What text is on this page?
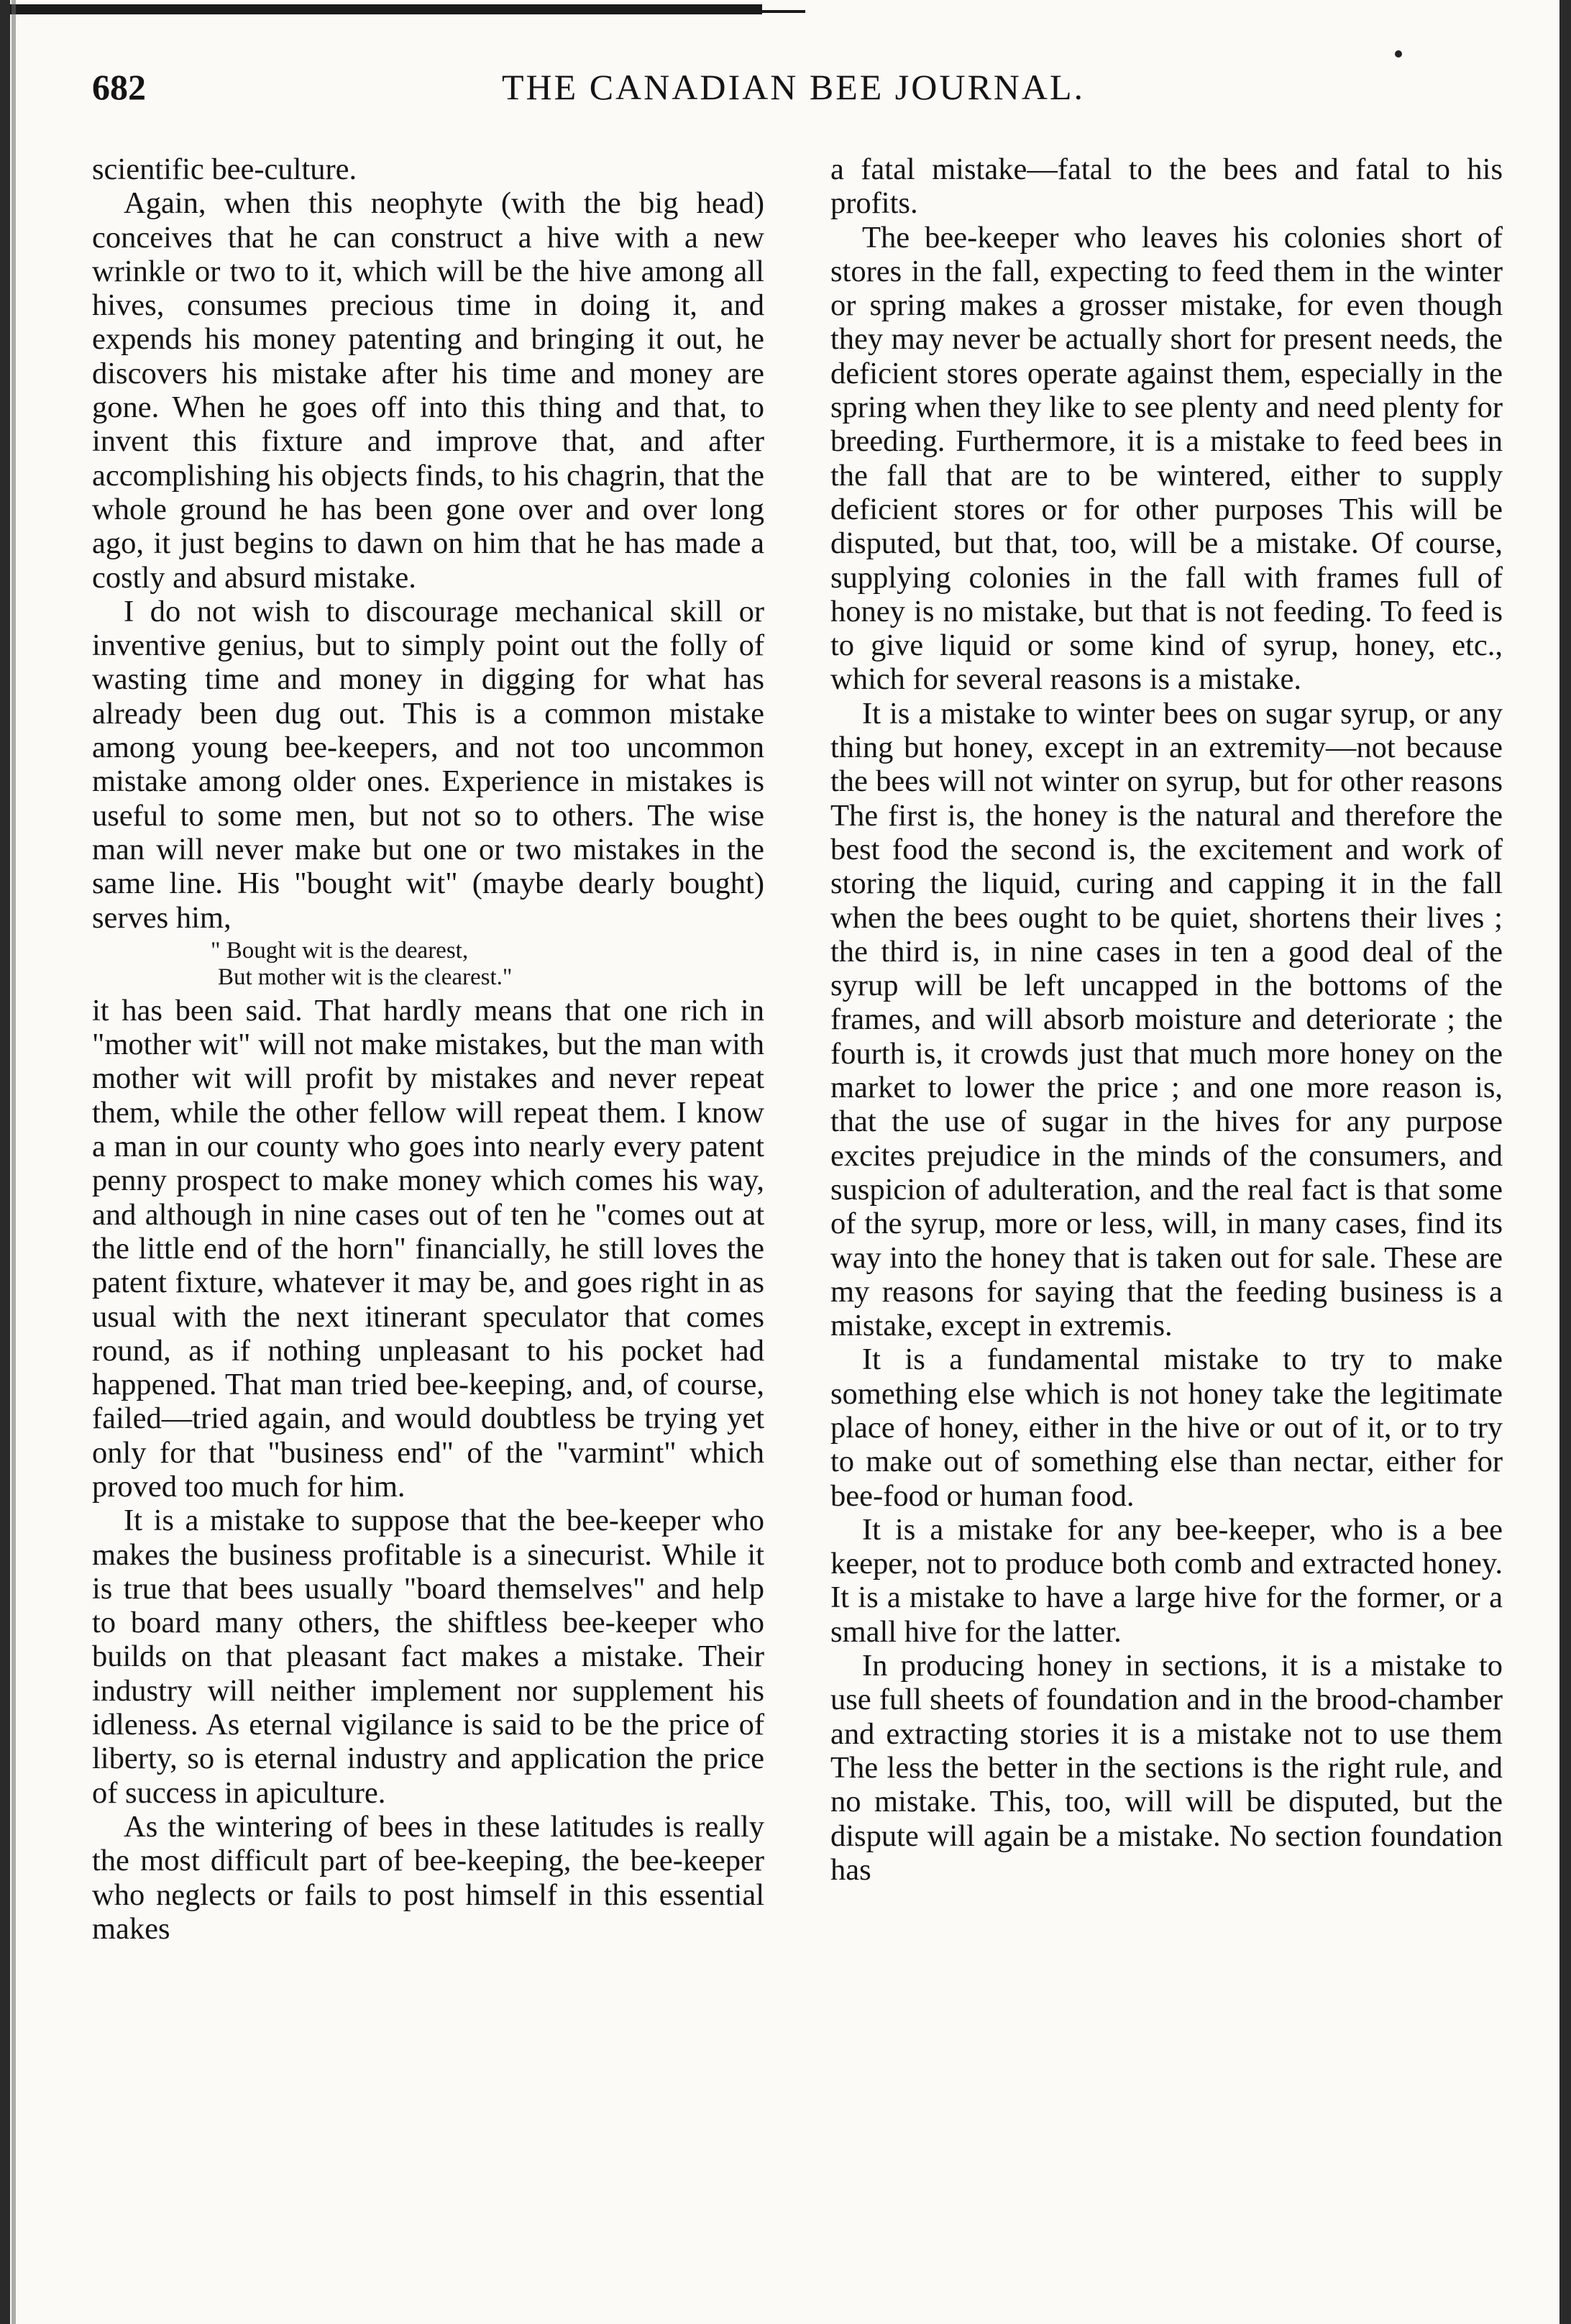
682	THE CANADIAN BEE JOURNAL.

scientific bee-culture.

Again, when this neophyte (with the big head) conceives that he can construct a hive with a new wrinkle or two to it, which will be the hive among all hives, consumes precious time in doing it, and expends his money patenting and bringing it out, he discovers his mistake after his time and money are gone. When he goes off into this thing and that, to invent this fixture and improve that, and after accomplishing his objects finds, to his chagrin, that the whole ground he has been gone over and over long ago, it just begins to dawn on him that he has made a costly and absurd mistake.

I do not wish to discourage mechanical skill or inventive genius, but to simply point out the folly of wasting time and money in digging for what has already been dug out. This is a common mistake among young bee-keepers, and not too uncommon mistake among older ones. Experience in mistakes is useful to some men, but not so to others. The wise man will never make but one or two mistakes in the same line. His "bought wit" (maybe dearly bought) serves him,

" Bought wit is the dearest,
But mother wit is the clearest."

it has been said. That hardly means that one rich in "mother wit" will not make mistakes, but the man with mother wit will profit by mistakes and never repeat them, while the other fellow will repeat them. I know a man in our county who goes into nearly every patent penny prospect to make money which comes his way, and although in nine cases out of ten he "comes out at the little end of the horn" financially, he still loves the patent fixture, whatever it may be, and goes right in as usual with the next itinerant speculator that comes round, as if nothing unpleasant to his pocket had happened. That man tried bee-keeping, and, of course, failed—tried again, and would doubtless be trying yet only for that "business end" of the "varmint" which proved too much for him.

It is a mistake to suppose that the bee-keeper who makes the business profitable is a sinecurist. While it is true that bees usually "board themselves" and help to board many others, the shiftless bee-keeper who builds on that pleasant fact makes a mistake. Their industry will neither implement nor supplement his idleness. As eternal vigilance is said to be the price of liberty, so is eternal industry and application the price of success in apiculture.

As the wintering of bees in these latitudes is really the most difficult part of bee-keeping, the bee-keeper who neglects or fails to post himself in this essential makes

a fatal mistake—fatal to the bees and fatal to his profits.

The bee-keeper who leaves his colonies short of stores in the fall, expecting to feed them in the winter or spring makes a grosser mistake, for even though they may never be actually short for present needs, the deficient stores operate against them, especially in the spring when they like to see plenty and need plenty for breeding. Furthermore, it is a mistake to feed bees in the fall that are to be wintered, either to supply deficient stores or for other purposes This will be disputed, but that, too, will be a mistake. Of course, supplying colonies in the fall with frames full of honey is no mistake, but that is not feeding. To feed is to give liquid or some kind of syrup, honey, etc., which for several reasons is a mistake.

It is a mistake to winter bees on sugar syrup, or any thing but honey, except in an extremity—not because the bees will not winter on syrup, but for other reasons The first is, the honey is the natural and therefore the best food the second is, the excitement and work of storing the liquid, curing and capping it in the fall when the bees ought to be quiet, shortens their lives ; the third is, in nine cases in ten a good deal of the syrup will be left uncapped in the bottoms of the frames, and will absorb moisture and deteriorate ; the fourth is, it crowds just that much more honey on the market to lower the price ; and one more reason is, that the use of sugar in the hives for any purpose excites prejudice in the minds of the consumers, and suspicion of adulteration, and the real fact is that some of the syrup, more or less, will, in many cases, find its way into the honey that is taken out for sale. These are my reasons for saying that the feeding business is a mistake, except in extremis.

It is a fundamental mistake to try to make something else which is not honey take the legitimate place of honey, either in the hive or out of it, or to try to make out of something else than nectar, either for bee-food or human food.

It is a mistake for any bee-keeper, who is a bee keeper, not to produce both comb and extracted honey. It is a mistake to have a large hive for the former, or a small hive for the latter.

In producing honey in sections, it is a mistake to use full sheets of foundation and in the brood-chamber and extracting stories it is a mistake not to use them The less the better in the sections is the right rule, and no mistake. This, too, will will be disputed, but the dispute will again be a mistake. No section foundation has
